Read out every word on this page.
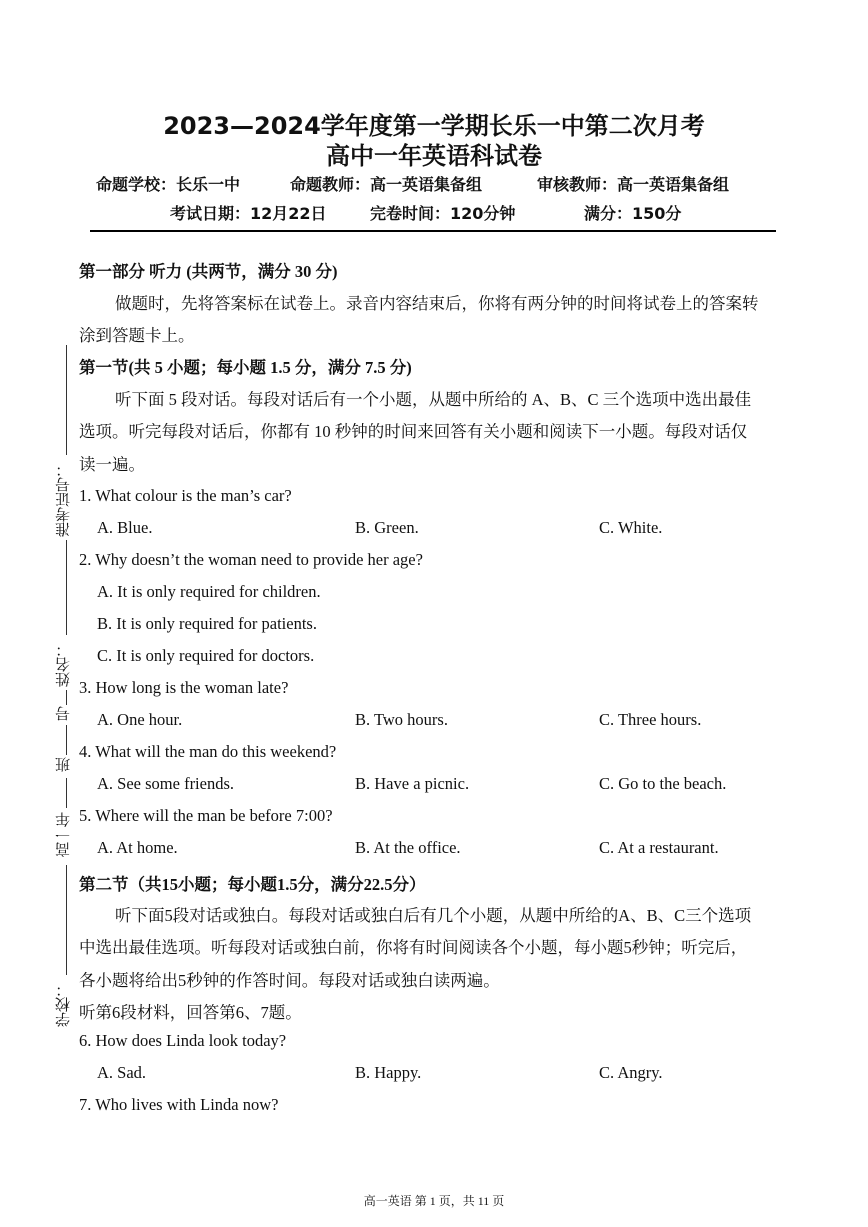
2023—2024学年度第一学期长乐一中第二次月考
高中一年英语科试卷
命题学校：长乐一中	命题教师：高一英语集备组	审核教师：高一英语集备组
考试日期：12月22日	完卷时间：120分钟	满分：150分
第一部分 听力 (共两节，满分 30 分)
做题时，先将答案标在试卷上。录音内容结束后，你将有两分钟的时间将试卷上的答案转
涂到答题卡上。
第一节(共 5 小题；每小题 1.5 分，满分 7.5 分)
听下面 5 段对话。每段对话后有一个小题，从题中所给的 A、B、C 三个选项中选出最佳
选项。听完每段对话后，你都有 10 秒钟的时间来回答有关小题和阅读下一小题。每段对话仅
读一遍。
1. What colour is the man’s car?
A. Blue.	B. Green.	C. White.
2. Why doesn’t the woman need to provide her age?
A. It is only required for children.
B. It is only required for patients.
C. It is only required for doctors.
3. How long is the woman late?
A. One hour.	B. Two hours.	C. Three hours.
4. What will the man do this weekend?
A. See some friends.	B. Have a picnic.	C. Go to the beach.
5. Where will the man be before 7:00?
A. At home.	B. At the office.	C. At a restaurant.
第二节（共15小题；每小题1.5分，满分22.5分）
听下面5段对话或独白。每段对话或独白后有几个小题，从题中所给的A、B、C三个选项
中选出最佳选项。听每段对话或独白前，你将有时间阅读各个小题，每小题5秒钟；听完后，
各小题将给出5秒钟的作答时间。每段对话或独白读两遍。
听第6段材料，回答第6、7题。
6. How does Linda look today?
A. Sad.	B. Happy.	C. Angry.
7. Who lives with Linda now?
准考证号：
姓名：
号
班
高一年
学校：
高一英语 第 1 页，共 11 页
